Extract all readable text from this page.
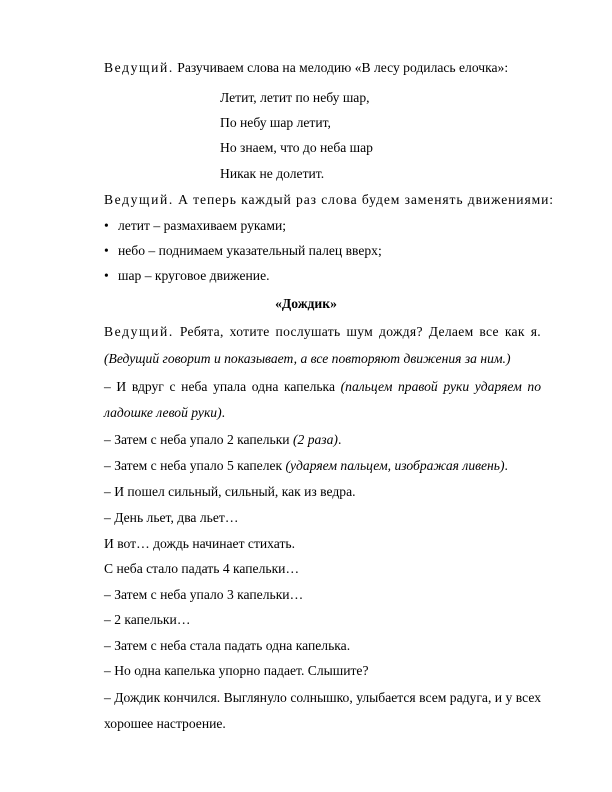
Ведущий. Разучиваем слова на мелодию «В лесу родилась елочка»:
Летит, летит по небу шар,
По небу шар летит,
Но знаем, что до неба шар
Никак не долетит.
Ведущий. А теперь каждый раз слова будем заменять движениями:
• летит – размахиваем руками;
• небо – поднимаем указательный палец вверх;
• шар – круговое движение.
«Дождик»
Ведущий. Ребята, хотите послушать шум дождя? Делаем все как я.
(Ведущий говорит и показывает, а все повторяют движения за ним.)
– И вдруг с неба упала одна капелька (пальцем правой руки ударяем по
ладошке левой руки).
– Затем с неба упало 2 капельки (2 раза).
– Затем с неба упало 5 капелек (ударяем пальцем, изображая ливень).
– И пошел сильный, сильный, как из ведра.
– День льет, два льет…
И вот… дождь начинает стихать.
С неба стало падать 4 капельки…
– Затем с неба упало 3 капельки…
– 2 капельки…
– Затем с неба стала падать одна капелька.
– Но одна капелька упорно падает. Слышите?
– Дождик кончился. Выглянуло солнышко, улыбается всем радуга, и у всех
хорошее настроение.
